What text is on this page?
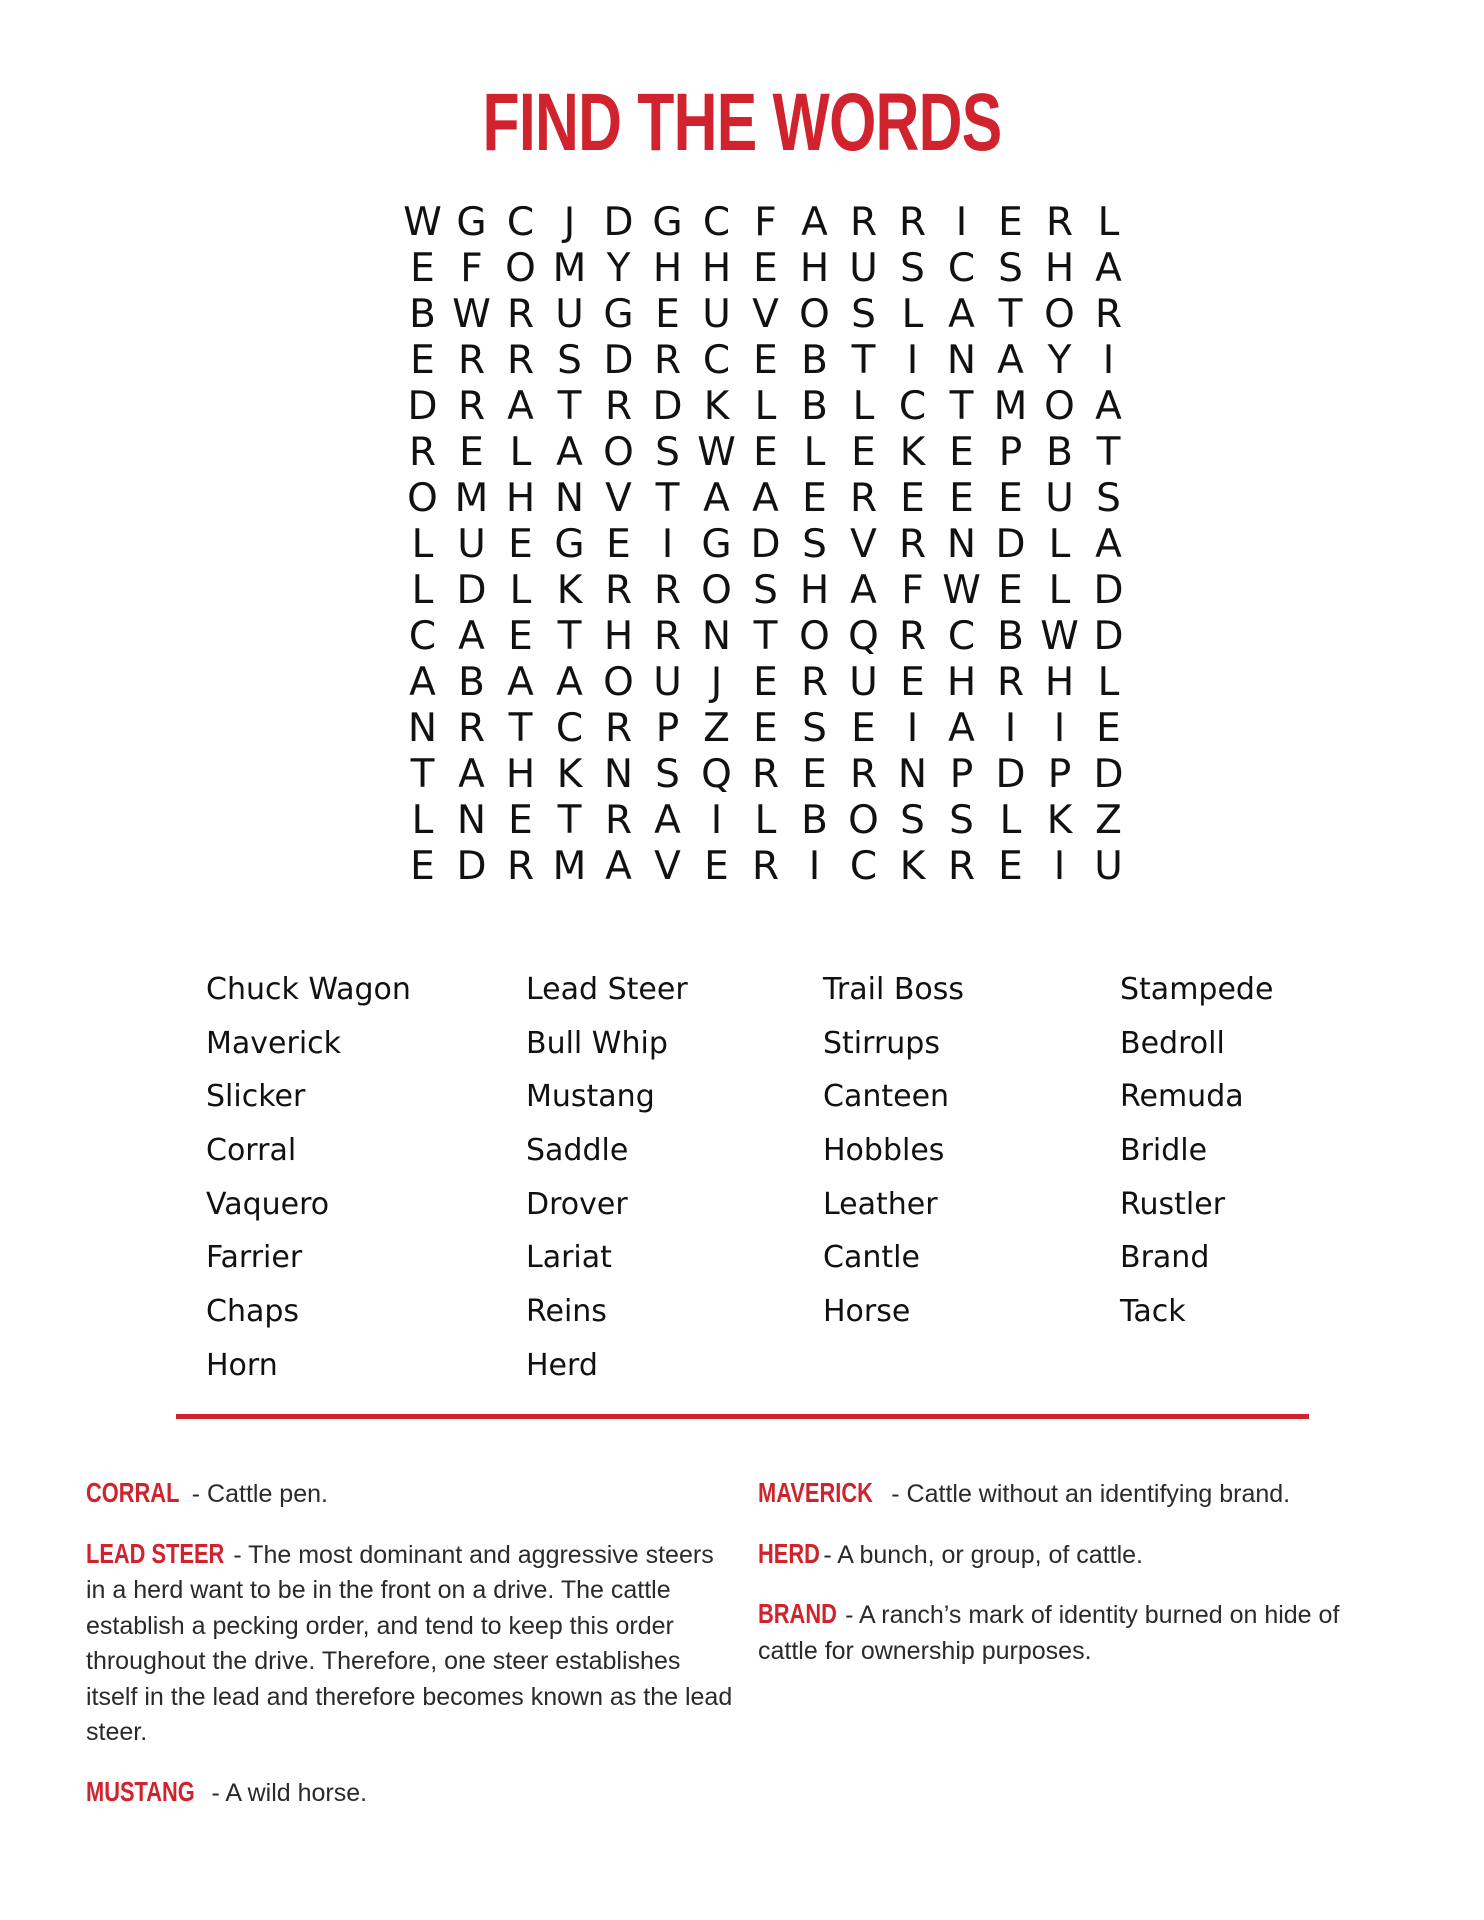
FIND THE WORDS
W G C J D G C F A R R I E R L
E F O M Y H H E H U S C S H A
B W R U G E U V O S L A T O R
E R R S D R C E B T I N A Y I
D R A T R D K L B L C T M O A
R E L A O S W E L E K E P B T
O M H N V T A A E R E E E U S
L U E G E I G D S V R N D L A
L D L K R R O S H A F W E L D
C A E T H R N T O Q R C B W D
A B A A O U J E R U E H R H L
N R T C R P Z E S E I A I I E
T A H K N S Q R E R N P D P D
L N E T R A I L B O S S L K Z
E D R M A V E R I C K R E I U
Chuck Wagon
Maverick
Slicker
Corral
Vaquero
Farrier
Chaps
Horn
Lead Steer
Bull Whip
Mustang
Saddle
Drover
Lariat
Reins
Herd
Trail Boss
Stirrups
Canteen
Hobbles
Leather
Cantle
Horse
Stampede
Bedroll
Remuda
Bridle
Rustler
Brand
Tack
CORRAL - Cattle pen.
LEAD STEER - The most dominant and aggressive steers in a herd want to be in the front on a drive. The cattle establish a pecking order, and tend to keep this order throughout the drive. Therefore, one steer establishes itself in the lead and therefore becomes known as the lead steer.
MUSTANG - A wild horse.
MAVERICK - Cattle without an identifying brand.
HERD - A bunch, or group, of cattle.
BRAND - A ranch’s mark of identity burned on hide of cattle for ownership purposes.
